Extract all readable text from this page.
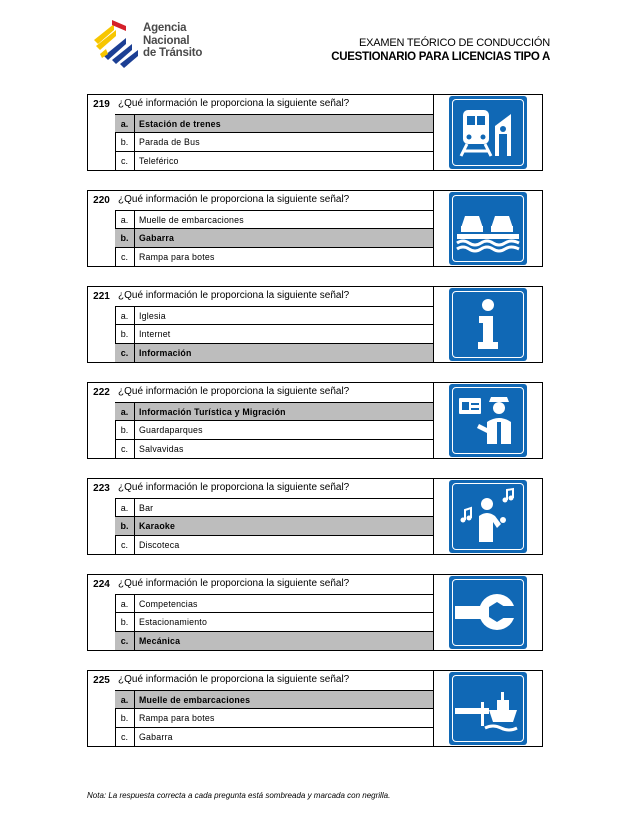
Agencia
Nacional
de Tránsito
EXAMEN TEÓRICO DE CONDUCCIÓN
CUESTIONARIO PARA LICENCIAS TIPO A
219 ¿Qué información le proporciona la siguiente señal?
a.	Estación de trenes
b.	Parada de Bus
c.	Teleférico
220 ¿Qué información le proporciona la siguiente señal?
a.	Muelle de embarcaciones
b.	Gabarra
c.	Rampa para botes
221 ¿Qué información le proporciona la siguiente señal?
a.	Iglesia
b.	Internet
c.	Información
222 ¿Qué información le proporciona la siguiente señal?
a.	Información Turística y Migración
b.	Guardaparques
c.	Salvavidas
223 ¿Qué información le proporciona la siguiente señal?
a.	Bar
b.	Karaoke
c.	Discoteca
224 ¿Qué información le proporciona la siguiente señal?
a.	Competencias
b.	Estacionamiento
c.	Mecánica
225 ¿Qué información le proporciona la siguiente señal?
a.	Muelle de embarcaciones
b.	Rampa para botes
c.	Gabarra
Nota: La respuesta correcta a cada pregunta está sombreada y marcada con negrilla.
